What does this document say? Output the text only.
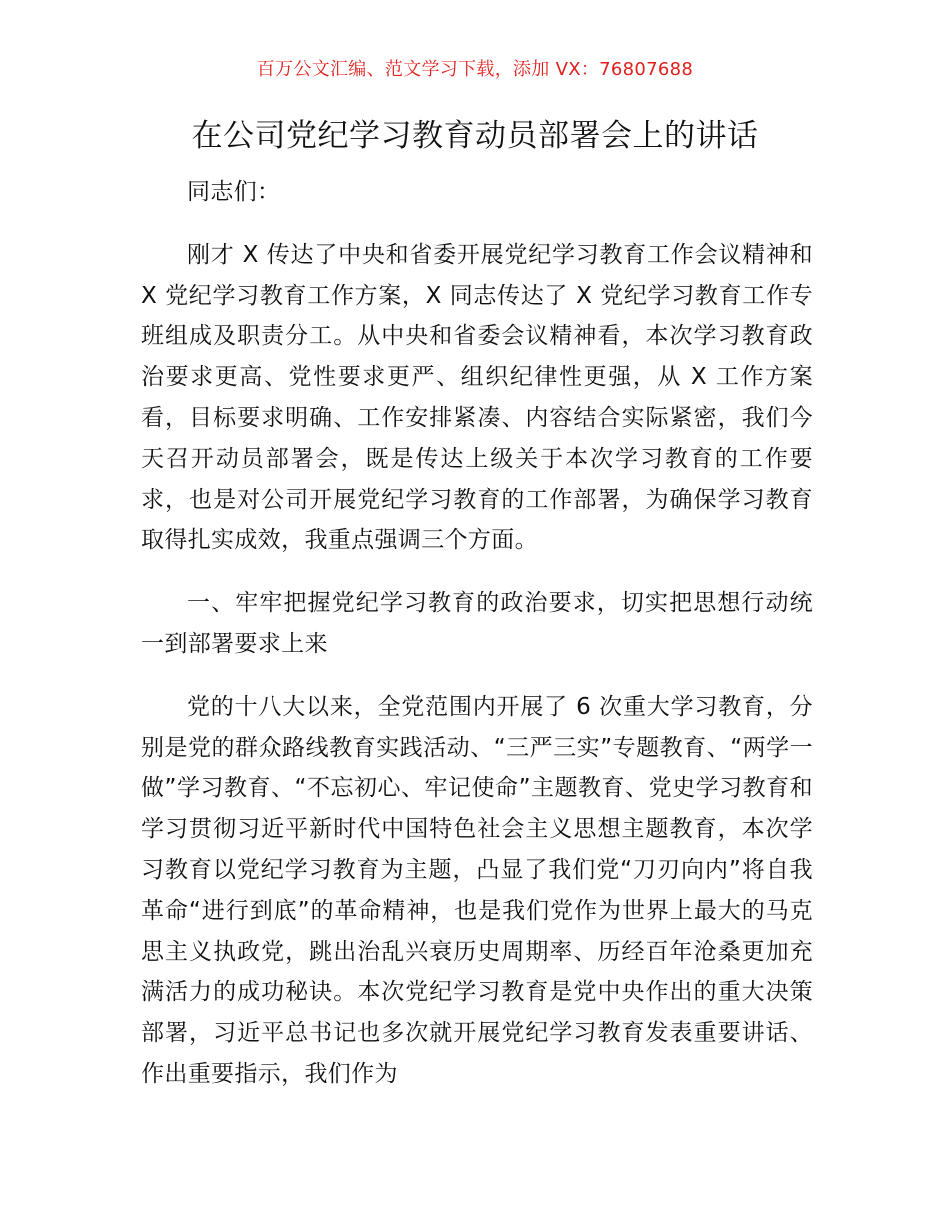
百万公文汇编、范文学习下载，添加 VX：76807688
在公司党纪学习教育动员部署会上的讲话

同志们：

刚才 X 传达了中央和省委开展党纪学习教育工作会议精神和 X 党纪学习教育工作方案，X 同志传达了 X 党纪学习教育工作专班组成及职责分工。从中央和省委会议精神看，本次学习教育政治要求更高、党性要求更严、组织纪律性更强，从 X 工作方案看，目标要求明确、工作安排紧凑、内容结合实际紧密，我们今天召开动员部署会，既是传达上级关于本次学习教育的工作要求，也是对公司开展党纪学习教育的工作部署，为确保学习教育取得扎实成效，我重点强调三个方面。

一、牢牢把握党纪学习教育的政治要求，切实把思想行动统一到部署要求上来

党的十八大以来，全党范围内开展了 6 次重大学习教育，分别是党的群众路线教育实践活动、“三严三实”专题教育、“两学一做”学习教育、“不忘初心、牢记使命”主题教育、党史学习教育和学习贯彻习近平新时代中国特色社会主义思想主题教育，本次学习教育以党纪学习教育为主题，凸显了我们党“刀刃向内”将自我革命“进行到底”的革命精神，也是我们党作为世界上最大的马克思主义执政党，跳出治乱兴衰历史周期率、历经百年沧桑更加充满活力的成功秘诀。本次党纪学习教育是党中央作出的重大决策部署，习近平总书记也多次就开展党纪学习教育发表重要讲话、作出重要指示，我们作为
